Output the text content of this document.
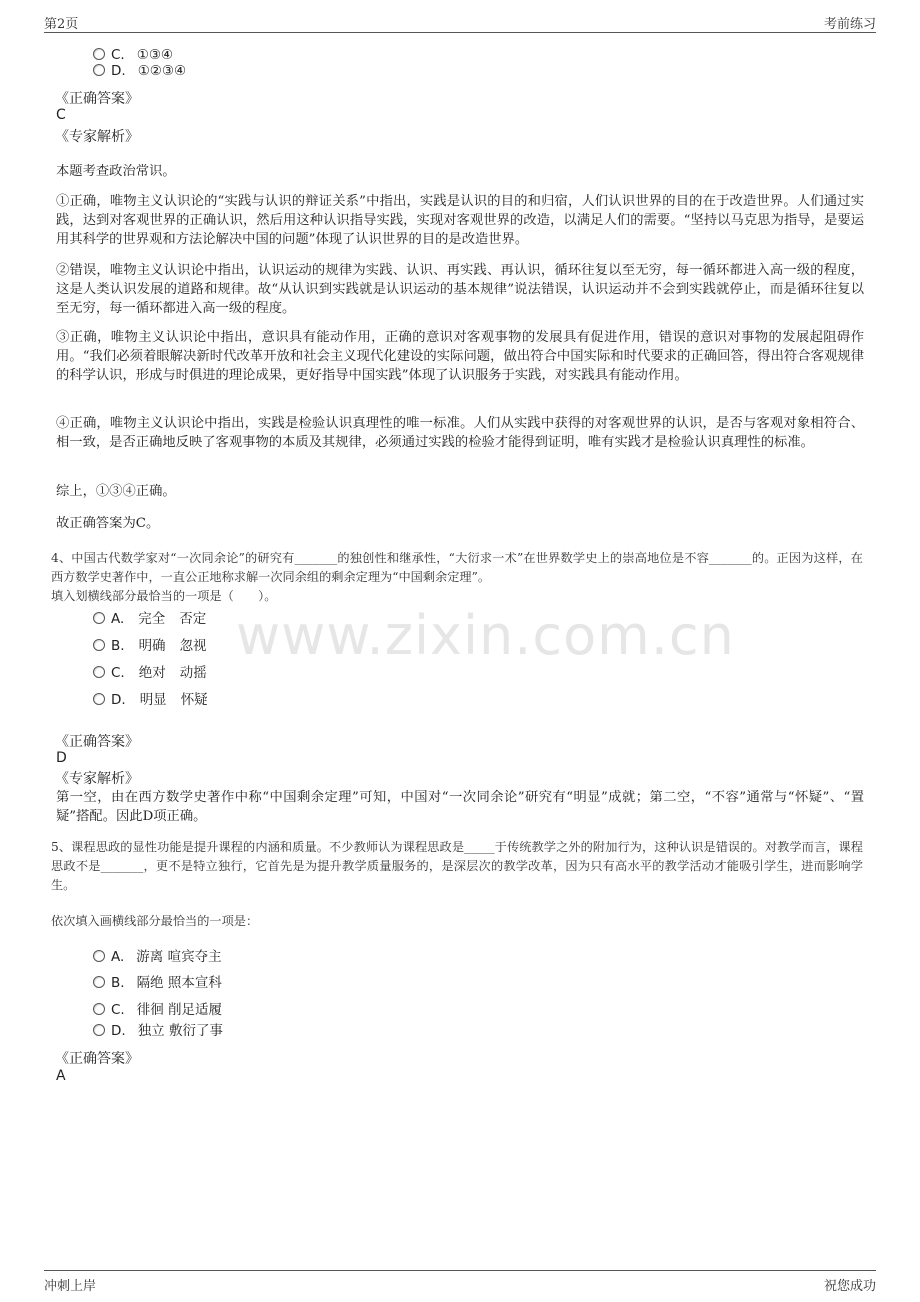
第2页	考前练习
www.zixin.com.cn
C. ①③④
D. ①②③④
《正确答案》
C
《专家解析》
本题考查政治常识。
①正确，唯物主义认识论的“实践与认识的辩证关系”中指出，实践是认识的目的和归宿，人们认识世界的目的在于改造世界。人们通过实践，达到对客观世界的正确认识，然后用这种认识指导实践，实现对客观世界的改造，以满足人们的需要。“坚持以马克思为指导，是要运用其科学的世界观和方法论解决中国的问题”体现了认识世界的目的是改造世界。
②错误，唯物主义认识论中指出，认识运动的规律为实践、认识、再实践、再认识，循环往复以至无穷，每一循环都进入高一级的程度，这是人类认识发展的道路和规律。故“从认识到实践就是认识运动的基本规律”说法错误，认识运动并不会到实践就停止，而是循环往复以至无穷，每一循环都进入高一级的程度。
③正确，唯物主义认识论中指出，意识具有能动作用，正确的意识对客观事物的发展具有促进作用，错误的意识对事物的发展起阻碍作用。“我们必须着眼解决新时代改革开放和社会主义现代化建设的实际问题，做出符合中国实际和时代要求的正确回答，得出符合客观规律的科学认识，形成与时俱进的理论成果，更好指导中国实践”体现了认识服务于实践，对实践具有能动作用。
④正确，唯物主义认识论中指出，实践是检验认识真理性的唯一标准。人们从实践中获得的对客观世界的认识，是否与客观对象相符合、相一致，是否正确地反映了客观事物的本质及其规律，必须通过实践的检验才能得到证明，唯有实践才是检验认识真理性的标准。
综上，①③④正确。
故正确答案为C。
4、中国古代数学家对“一次同余论”的研究有_______的独创性和继承性，“大衍求一术”在世界数学史上的崇高地位是不容_______的。正因为这样，在西方数学史著作中，一直公正地称求解一次同余组的剩余定理为“中国剩余定理”。
填入划横线部分最恰当的一项是（　　）。
A. 完全 否定
B. 明确 忽视
C. 绝对 动摇
D. 明显 怀疑
《正确答案》
D
《专家解析》
第一空，由在西方数学史著作中称“中国剩余定理”可知，中国对“一次同余论”研究有“明显”成就；第二空，“不容”通常与“怀疑”、“置疑”搭配。因此D项正确。
5、课程思政的显性功能是提升课程的内涵和质量。不少教师认为课程思政是_____于传统教学之外的附加行为，这种认识是错误的。对教学而言，课程思政不是_______，更不是特立独行，它首先是为提升教学质量服务的，是深层次的教学改革，因为只有高水平的教学活动才能吸引学生，进而影响学生。
依次填入画横线部分最恰当的一项是：
A. 游离 喧宾夺主
B. 隔绝 照本宣科
C. 徘徊 削足适履
D. 独立 敷衍了事
《正确答案》
A
冲刺上岸	祝您成功
